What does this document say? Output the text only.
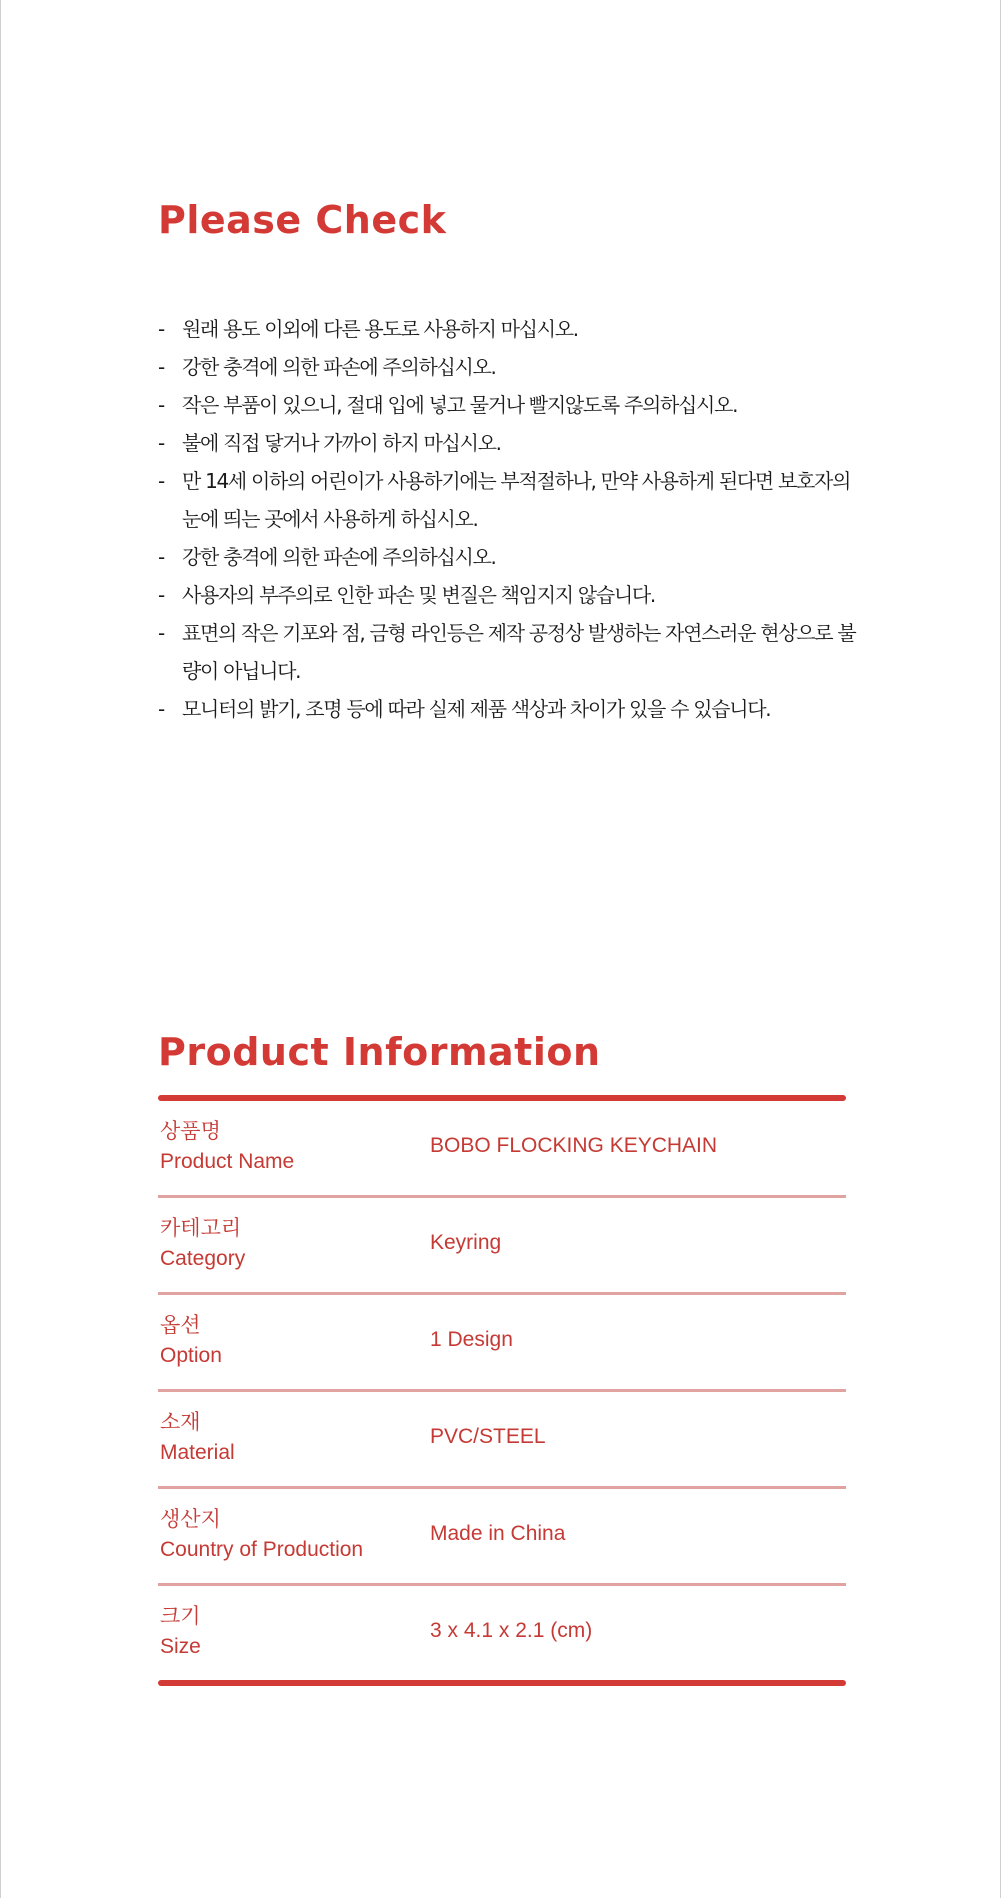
Please Check
- 원래 용도 이외에 다른 용도로 사용하지 마십시오.
- 강한 충격에 의한 파손에 주의하십시오.
- 작은 부품이 있으니, 절대 입에 넣고 물거나 빨지않도록 주의하십시오.
- 불에 직접 닿거나 가까이 하지 마십시오.
- 만 14세 이하의 어린이가 사용하기에는 부적절하나, 만약 사용하게 된다면 보호자의 눈에 띄는 곳에서 사용하게 하십시오.
- 강한 충격에 의한 파손에 주의하십시오.
- 사용자의 부주의로 인한 파손 및 변질은 책임지지 않습니다.
- 표면의 작은 기포와 점, 금형 라인등은 제작 공정상 발생하는 자연스러운 현상으로 불량이 아닙니다.
- 모니터의 밝기, 조명 등에 따라 실제 제품 색상과 차이가 있을 수 있습니다.
Product Information
상품명
Product Name
BOBO FLOCKING KEYCHAIN
카테고리
Category
Keyring
옵션
Option
1 Design
소재
Material
PVC/STEEL
생산지
Country of Production
Made in China
크기
Size
3 x 4.1 x 2.1 (cm)
